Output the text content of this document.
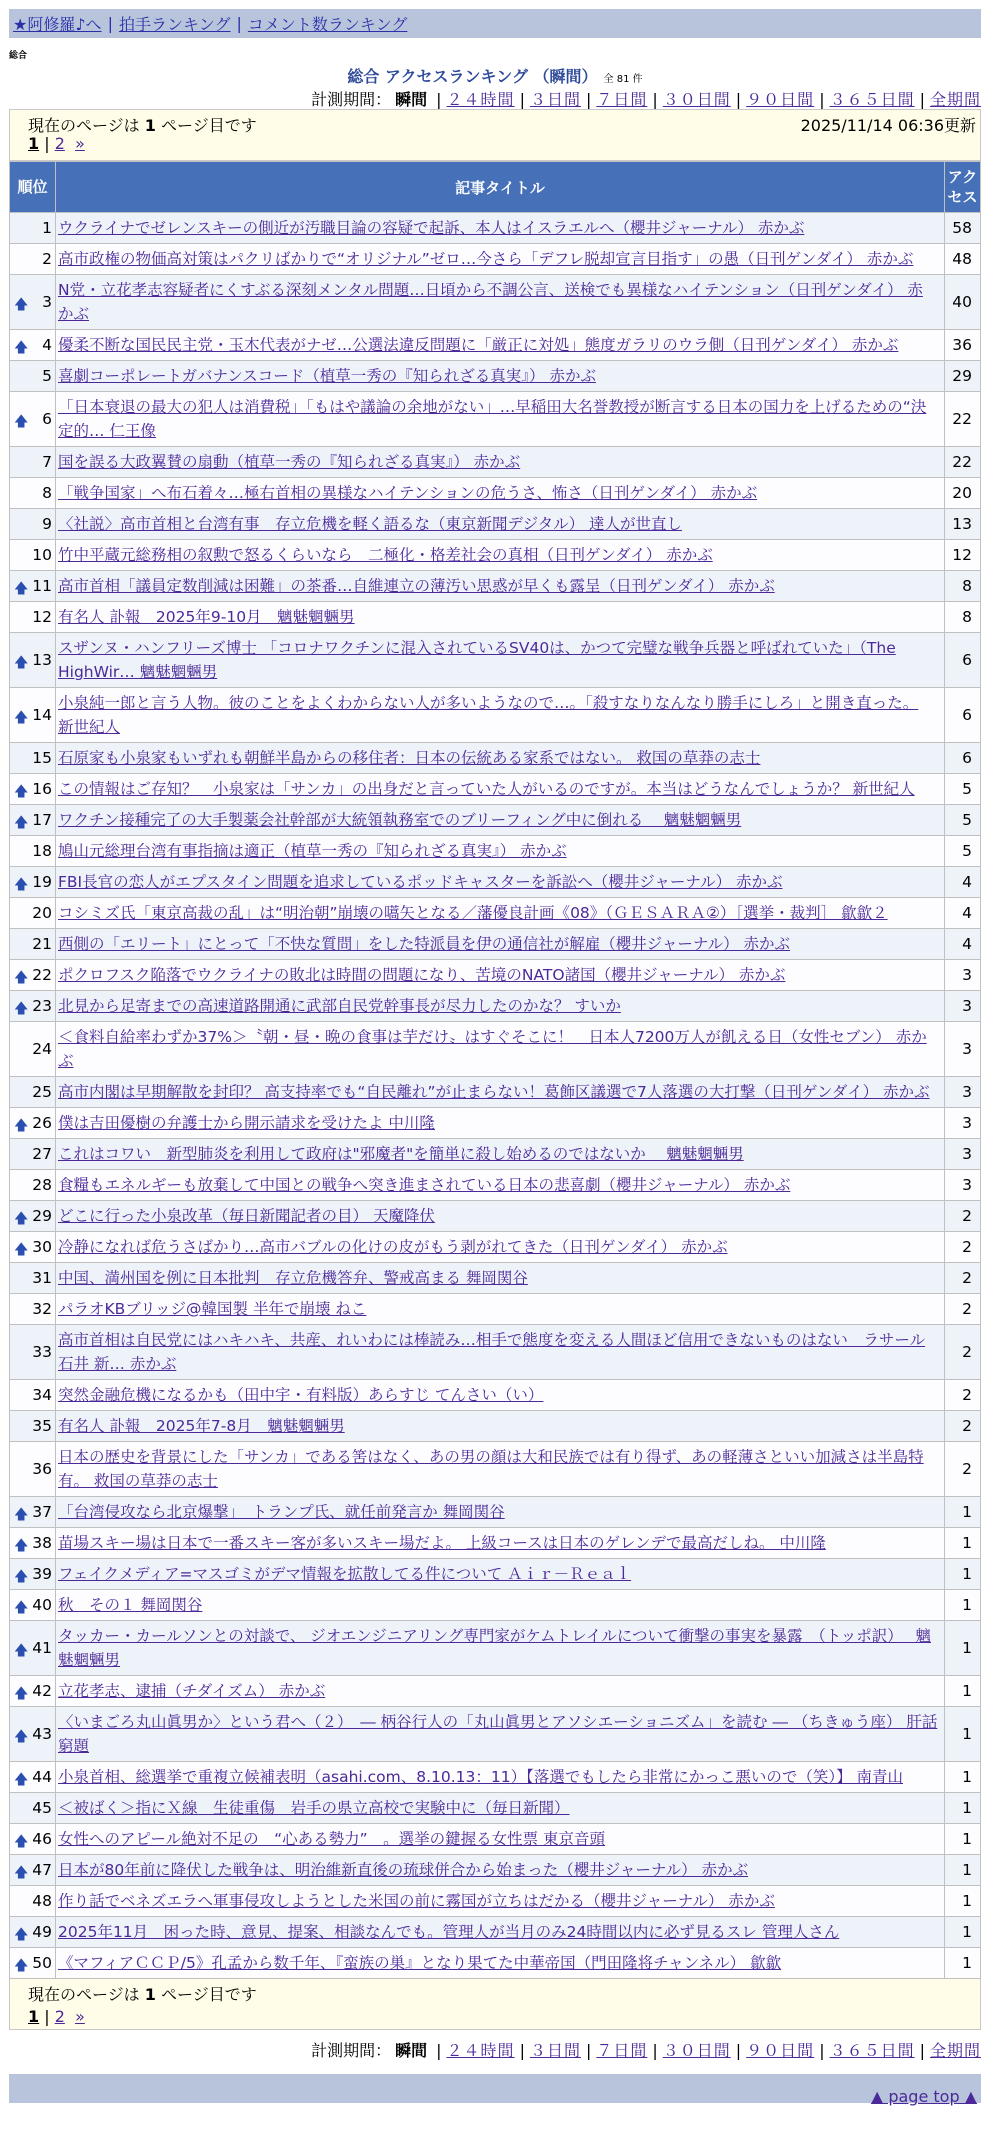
★阿修羅♪へ | 拍手ランキング | コメント数ランキング
総合
総合 アクセスランキング （瞬間） 全 81 件
計測期間： 瞬間 | ２４時間 | ３日間 | ７日間 | ３０日間 | ９０日間 | ３６５日間 | 全期間
現在のページは 1 ページ目です	2025/11/14 06:36更新
1 | 2 »
順位	記事タイトル	アクセス
1	ウクライナでゼレンスキーの側近が汚職目論の容疑で起訴、本人はイスラエルへ（櫻井ジャーナル） 赤かぶ	58
2	高市政権の物価高対策はパクリばかりで“オリジナル”ゼロ…今さら「デフレ脱却宣言目指す」の愚（日刊ゲンダイ） 赤かぶ	48

🡅 3	N党・立花孝志容疑者にくすぶる深刻メンタル問題…日頃から不調公言、送検でも異様なハイテンション（日刊ゲンダイ） 赤かぶ	40

🡅 4	優柔不断な国民民主党・玉木代表がナゼ…公選法違反問題に「厳正に対処」態度ガラリのウラ側（日刊ゲンダイ） 赤かぶ	36
5	喜劇コーポレートガバナンスコード（植草一秀の『知られざる真実』） 赤かぶ	29

🡅 6	「日本衰退の最大の犯人は消費税」「もはや議論の余地がない」…早稲田大名誉教授が断言する日本の国力を上げるための“決定的… 仁王像	22
7	国を誤る大政翼賛の扇動（植草一秀の『知られざる真実』） 赤かぶ	22
8	「戦争国家」へ布石着々…極右首相の異様なハイテンションの危うさ、怖さ（日刊ゲンダイ） 赤かぶ	20
9	〈社説〉高市首相と台湾有事　存立危機を軽く語るな（東京新聞デジタル） 達人が世直し	13
10	竹中平蔵元総務相の叙勲で怒るくらいなら　二極化・格差社会の真相（日刊ゲンダイ） 赤かぶ	12

🡅 11	高市首相「議員定数削減は困難」の茶番…自維連立の薄汚い思惑が早くも露呈（日刊ゲンダイ） 赤かぶ	8
12	有名人 訃報　2025年9-10月　魑魅魍魎男	8

🡅 13	スザンヌ・ハンフリーズ博士 「コロナワクチンに混入されているSV40は、かつて完璧な戦争兵器と呼ばれていた」（The HighWir… 魑魅魍魎男	6

🡅 14	小泉純一郎と言う人物。彼のことをよくわからない人が多いようなので…。「殺すなりなんなり勝手にしろ」と開き直った。 新世紀人	6
15	石原家も小泉家もいずれも朝鮮半島からの移住者：日本の伝統ある家系ではない。 救国の草莽の志士	6

🡅 16	この情報はご存知？　小泉家は「サンカ」の出身だと言っていた人がいるのですが。本当はどうなんでしょうか？ 新世紀人	5

🡅 17	ワクチン接種完了の大手製薬会社幹部が大統領執務室でのブリーフィング中に倒れる　 魑魅魍魎男	5
18	鳩山元総理台湾有事指摘は適正（植草一秀の『知られざる真実』） 赤かぶ	5

🡅 19	FBI長官の恋人がエプスタイン問題を追求しているポッドキャスターを訴訟へ（櫻井ジャーナル） 赤かぶ	4
20	コシミズ氏「東京高裁の乱」は“明治朝”崩壊の嚆矢となる／藩優良計画《08》（ＧＥＳＡＲＡ②）［選挙・裁判］ 歙歙２	4
21	西側の「エリート」にとって「不快な質問」をした特派員を伊の通信社が解雇（櫻井ジャーナル） 赤かぶ	4

🡅 22	ポクロフスク陥落でウクライナの敗北は時間の問題になり、苦境のNATO諸国（櫻井ジャーナル） 赤かぶ	3

🡅 23	北見から足寄までの高速道路開通に武部自民党幹事長が尽力したのかな？ すいか	3
24	＜食料自給率わずか37%＞〝朝・昼・晩の食事は芋だけ〟はすぐそこに！　日本人7200万人が飢える日（女性セブン） 赤かぶ	3
25	高市内閣は早期解散を封印？ 高支持率でも“自民離れ”が止まらない！葛飾区議選で7人落選の大打撃（日刊ゲンダイ） 赤かぶ	3

🡅 26	僕は吉田優樹の弁護士から開示請求を受けたよ 中川隆	3
27	これはコワい　新型肺炎を利用して政府は"邪魔者"を簡単に殺し始めるのではないか　 魑魅魍魎男	3
28	食糧もエネルギーも放棄して中国との戦争へ突き進まされている日本の悲喜劇（櫻井ジャーナル） 赤かぶ	3

🡅 29	どこに行った小泉改革（毎日新聞記者の目） 天魔降伏	2

🡅 30	冷静になれば危うさばかり…高市バブルの化けの皮がもう剥がれてきた（日刊ゲンダイ） 赤かぶ	2
31	中国、満州国を例に日本批判　存立危機答弁、警戒高まる 舞岡関谷	2
32	パラオKBブリッジ@韓国製 半年で崩壊 ねこ	2
33	高市首相は自民党にはハキハキ、共産、れいわには棒読み…相手で態度を変える人間ほど信用できないものはない　ラサール石井 新… 赤かぶ	2
34	突然金融危機になるかも（田中宇・有料版）あらすじ てんさい（い）	2
35	有名人 訃報　2025年7-8月　魑魅魍魎男	2
36	日本の歴史を背景にした「サンカ」である筈はなく、あの男の顔は大和民族では有り得ず、あの軽薄さといい加減さは半島特有。 救国の草莽の志士	2

🡅 37	「台湾侵攻なら北京爆撃」　トランプ氏、就任前発言か 舞岡関谷	1

🡅 38	苗場スキー場は日本で一番スキー客が多いスキー場だよ。 上級コースは日本のゲレンデで最高だしね。 中川隆	1

🡅 39	フェイクメディア=マスゴミがデマ情報を拡散してる件について Ａｉｒ－Ｒｅａｌ	1

🡅 40	秋　その１ 舞岡関谷	1

🡅 41	タッカー・カールソンとの対談で、 ジオエンジニアリング専門家がケムトレイルについて衝撃の事実を暴露　（トッポ訳）　 魑魅魍魎男	1

🡅 42	立花孝志、逮捕（チダイズム） 赤かぶ	1

🡅 43	〈いまごろ丸山眞男か〉という君へ（２）　― 柄谷行人の「丸山眞男とアソシエーショニズム」を読む ― （ちきゅう座） 肝話窮題	1

🡅 44	小泉首相、総選挙で重複立候補表明（asahi.com、8.10.13：11）【落選でもしたら非常にかっこ悪いので（笑）】 南青山	1
45	＜被ばく＞指にＸ線　生徒重傷　岩手の県立高校で実験中に（毎日新聞）	1

🡅 46	女性へのアピール絶対不足の　“心ある勢力”　。選挙の鍵握る女性票 東京音頭	1

🡅 47	日本が80年前に降伏した戦争は、明治維新直後の琉球併合から始まった（櫻井ジャーナル） 赤かぶ	1
48	作り話でベネズエラへ軍事侵攻しようとした米国の前に霧国が立ちはだかる（櫻井ジャーナル） 赤かぶ	1

🡅 49	2025年11月　困った時、意見、提案、相談なんでも。管理人が当月のみ24時間以内に必ず見るスレ 管理人さん	1

🡅 50	《マフィアＣＣＰ/5》孔孟から数千年、『蛮族の巣』となり果てた中華帝国（門田隆将チャンネル） 歙歙	1
現在のページは 1 ページ目です
1 | 2 »
計測期間： 瞬間 | ２４時間 | ３日間 | ７日間 | ３０日間 | ９０日間 | ３６５日間 | 全期間
▲ page top ▲
